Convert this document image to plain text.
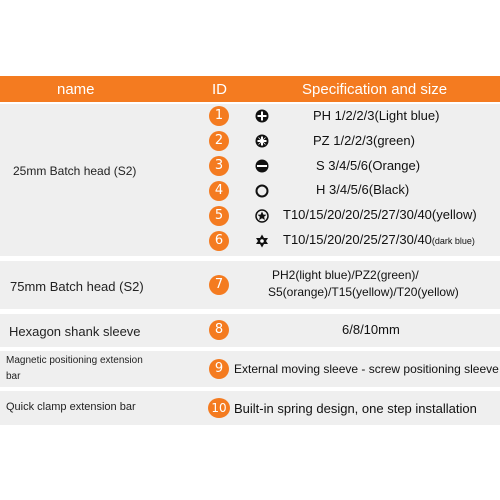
name	ID	Specification and size
25mm Batch head (S2)
1	PH 1/2/2/3(Light blue)
2	PZ 1/2/2/3(green)
3	S 3/4/5/6(Orange)
4	H 3/4/5/6(Black)
5	T10/15/20/20/25/27/30/40(yellow)
6	T10/15/20/20/25/27/30/40(dark blue)
75mm Batch head (S2)	7
PH2(light blue)/PZ2(green)/
S5(orange)/T15(yellow)/T20(yellow)
Hexagon shank sleeve	8	6/8/10mm
Magnetic positioning extension
bar
9 External moving sleeve - screw positioning sleeve
Quick clamp extension bar	10 Built-in spring design, one step installation
